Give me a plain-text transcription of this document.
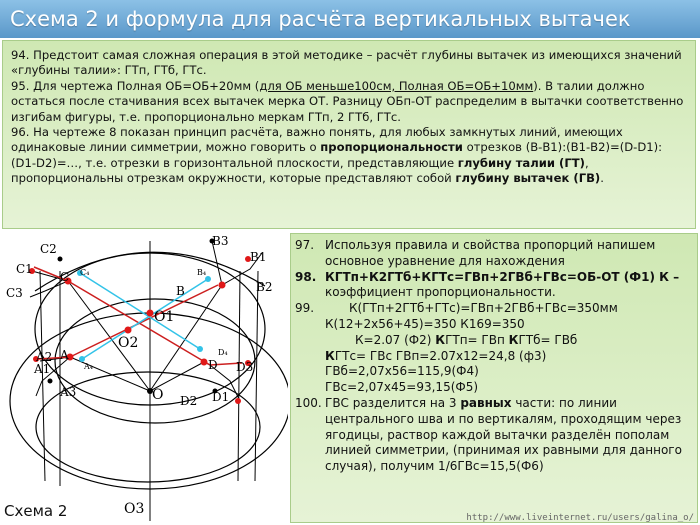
Схема 2 и формула для расчёта вертикальных вытачек

94. Предстоит самая сложная операция в этой методике – расчёт глубины вытачек из имеющихся значений «глубины талии»: ГТп, ГТб, ГТс.

95. Для чертежа Полная ОБ=ОБ+20мм (для ОБ меньше100см, Полная ОБ=ОБ+10мм). В талии должно остаться после стачивания всех вытачек мерка ОТ. Разницу ОБп-ОТ распределим в вытачки соответственно изгибам фигуры, т.е. пропорционально меркам ГТп, 2 ГТб, ГТс.

96. На чертеже 8 показан принцип расчёта, важно понять, для любых замкнутых линий, имеющих одинаковые линии симметрии, можно говорить о пропорциональности отрезков (В-В1):(В1-В2)=(D-D1):(D1-D2)=…, т.е. отрезки в горизонтальной плоскости, представляющие глубину талии (ГТ), пропорциональны отрезкам окружности, которые представляют собой глубину вытачек (ГВ).

C2
C1
C3
C C₄
B3
B1
B2
B
B₄
O1
O2
O
O3
A
A1
A2
A3
A₄	D
D1
D2
D3
D₄
Схема 2
97. Используя правила и свойства пропорций напишем основное уравнение для нахождения
98. КГТп+К2ГТб+КГТс=ГВп+2ГВб+ГВс=ОБ-ОТ (Ф1) К – коэффициент пропорциональности.
99.	К(ГТп+2ГТб+ГТс)=ГВп+2ГВб+ГВс=350мм
К(12+2х56+45)=350 К169=350
К=2.07 (Ф2) КГТп= ГВп КГТб= ГВб
КГТс= ГВс ГВп=2.07х12=24,8 (ф3)
ГВб=2,07х56=115,9(Ф4)
ГВс=2,07х45=93,15(Ф5)
100. ГВС разделится на 3 равных части: по линии центрального шва и по вертикалям, проходящим через ягодицы, раствор каждой вытачки разделён пополам линией симметрии, (принимая их равными для данного случая), получим 1/6ГВс=15,5(Ф6)
http://www.liveinternet.ru/users/galina_o/
